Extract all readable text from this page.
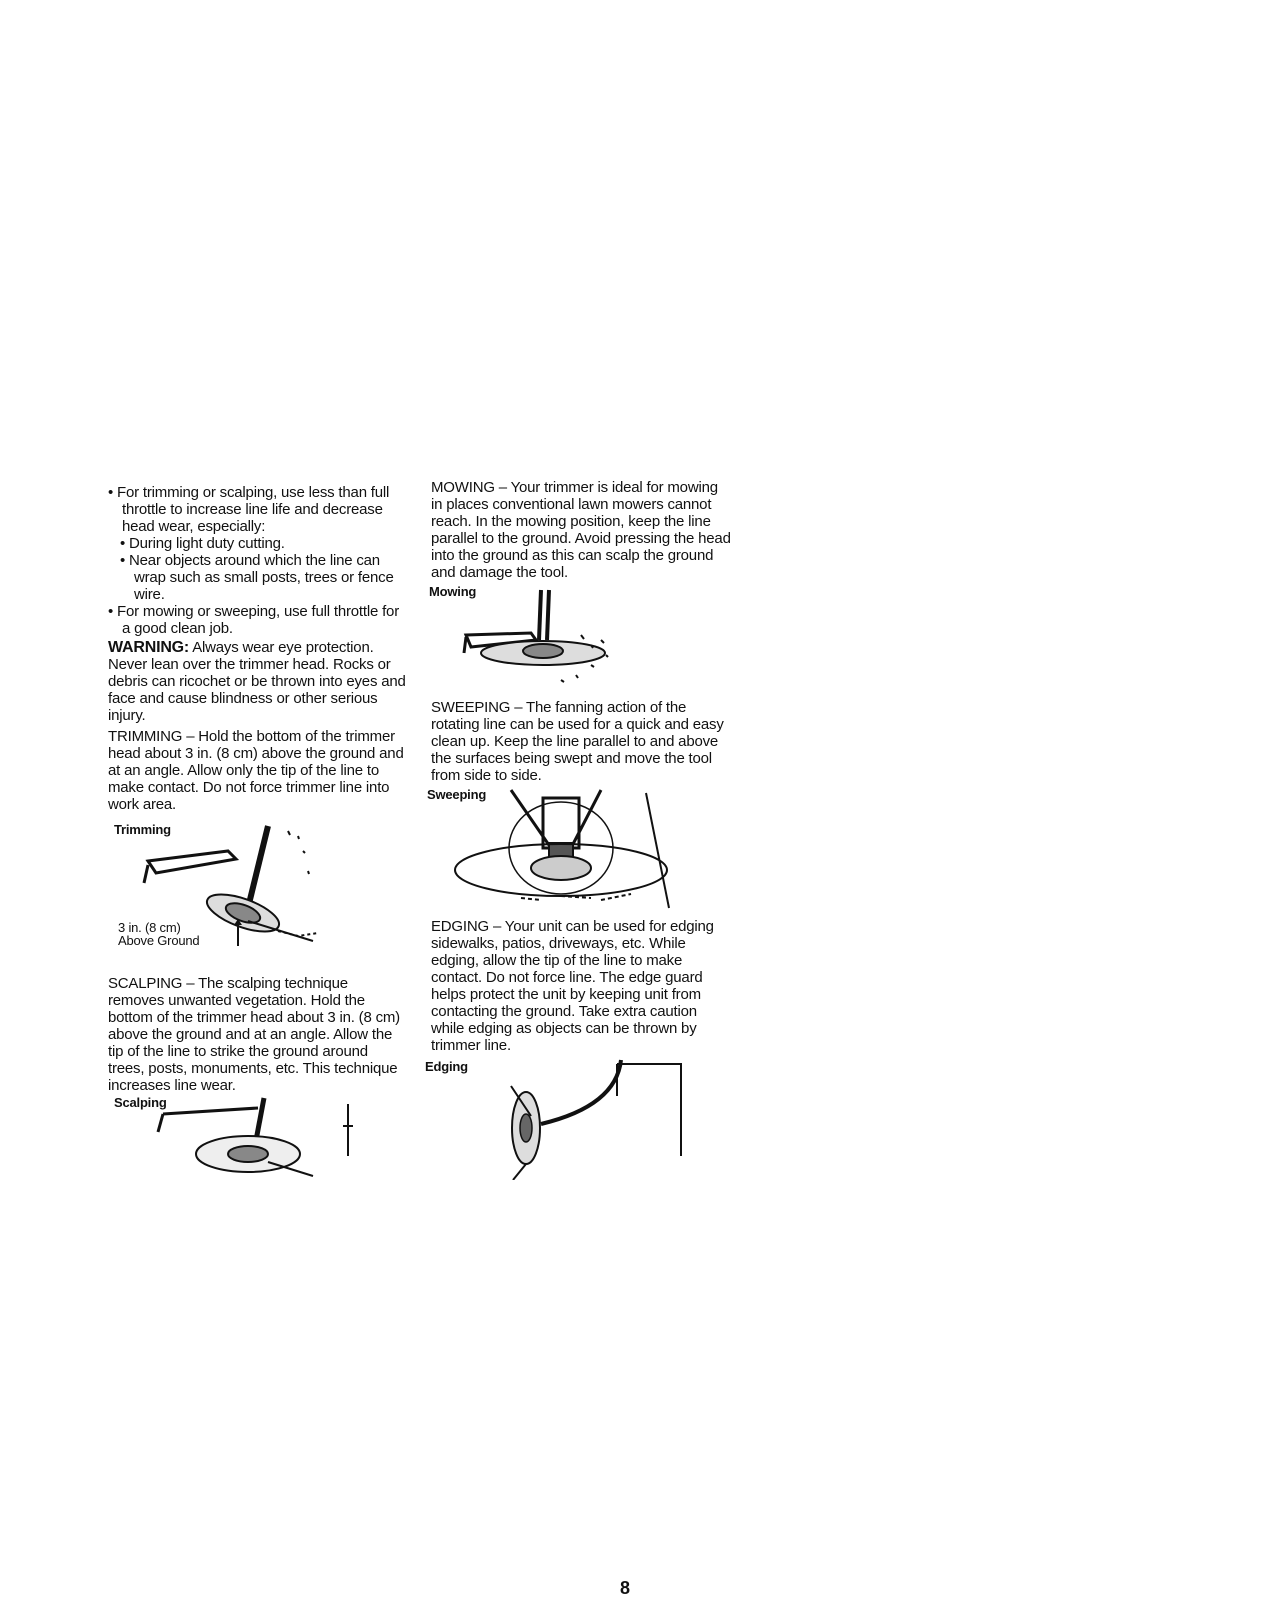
• For trimming or scalping, use less than full throttle to increase line life and decrease head wear, especially:

• During light duty cutting.

• Near objects around which the line can wrap such as small posts, trees or fence wire.

• For mowing or sweeping, use full throttle for a good clean job.

WARNING: Always wear eye protection. Never lean over the trimmer head. Rocks or debris can ricochet or be thrown into eyes and face and cause blindness or other serious injury.

TRIMMING – Hold the bottom of the trimmer head about 3 in. (8 cm) above the ground and at an angle. Allow only the tip of the line to make contact. Do not force trimmer line into work area.

Trimming
3 in. (8 cm)
Above Ground

SCALPING – The scalping technique removes unwanted vegetation. Hold the bottom of the trimmer head about 3 in. (8 cm) above the ground and at an angle. Allow the tip of the line to strike the ground around trees, posts, monuments, etc. This technique increases line wear.

Scalping

MOWING – Your trimmer is ideal for mowing in places conventional lawn mowers cannot reach. In the mowing position, keep the line parallel to the ground. Avoid pressing the head into the ground as this can scalp the ground and damage the tool.

Mowing

SWEEPING – The fanning action of the rotating line can be used for a quick and easy clean up. Keep the line parallel to and above the surfaces being swept and move the tool from side to side.

Sweeping

EDGING – Your unit can be used for edging sidewalks, patios, driveways, etc. While edging, allow the tip of the line to make contact. Do not force line. The edge guard helps protect the unit by keeping unit from contacting the ground. Take extra caution while edging as objects can be thrown by trimmer line.

Edging
8
